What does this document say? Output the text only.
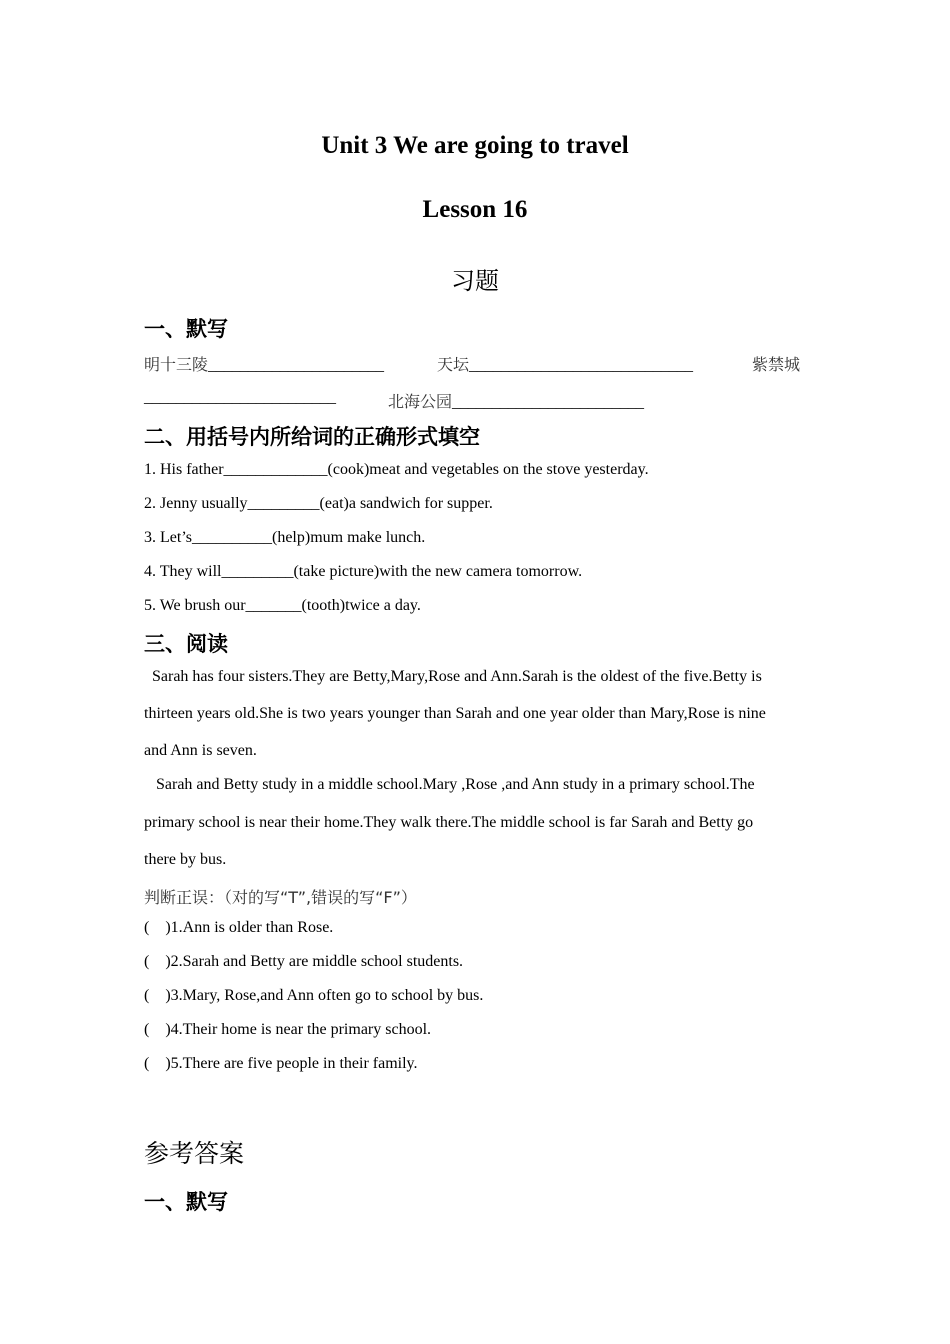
Unit 3 We are going to travel
Lesson 16
习题
一、默写
明十三陵______________________	天坛____________________________	紫禁城
________________________	北海公园________________________
二、用括号内所给词的正确形式填空
1. His father_____________(cook)meat and vegetables on the stove yesterday.
2. Jenny usually_________(eat)a sandwich for supper.
3. Let’s__________(help)mum make lunch.
4. They will_________(take picture)with the new camera tomorrow.
5. We brush our_______(tooth)twice a day.
三、阅读
Sarah has four sisters.They are Betty,Mary,Rose and Ann.Sarah is the oldest of the five.Betty is
thirteen years old.She is two years younger than Sarah and one year older than Mary,Rose is nine
and Ann is seven.
Sarah and Betty study in a middle school.Mary ,Rose ,and Ann study in a primary school.The
primary school is near their home.They walk there.The middle school is far Sarah and Betty go
there by bus.
判断正误：（对的写“T”,错误的写“F”）
(    )1.Ann is older than Rose.
(    )2.Sarah and Betty are middle school students.
(    )3.Mary, Rose,and Ann often go to school by bus.
(    )4.Their home is near the primary school.
(    )5.There are five people in their family.
参考答案
一、默写
